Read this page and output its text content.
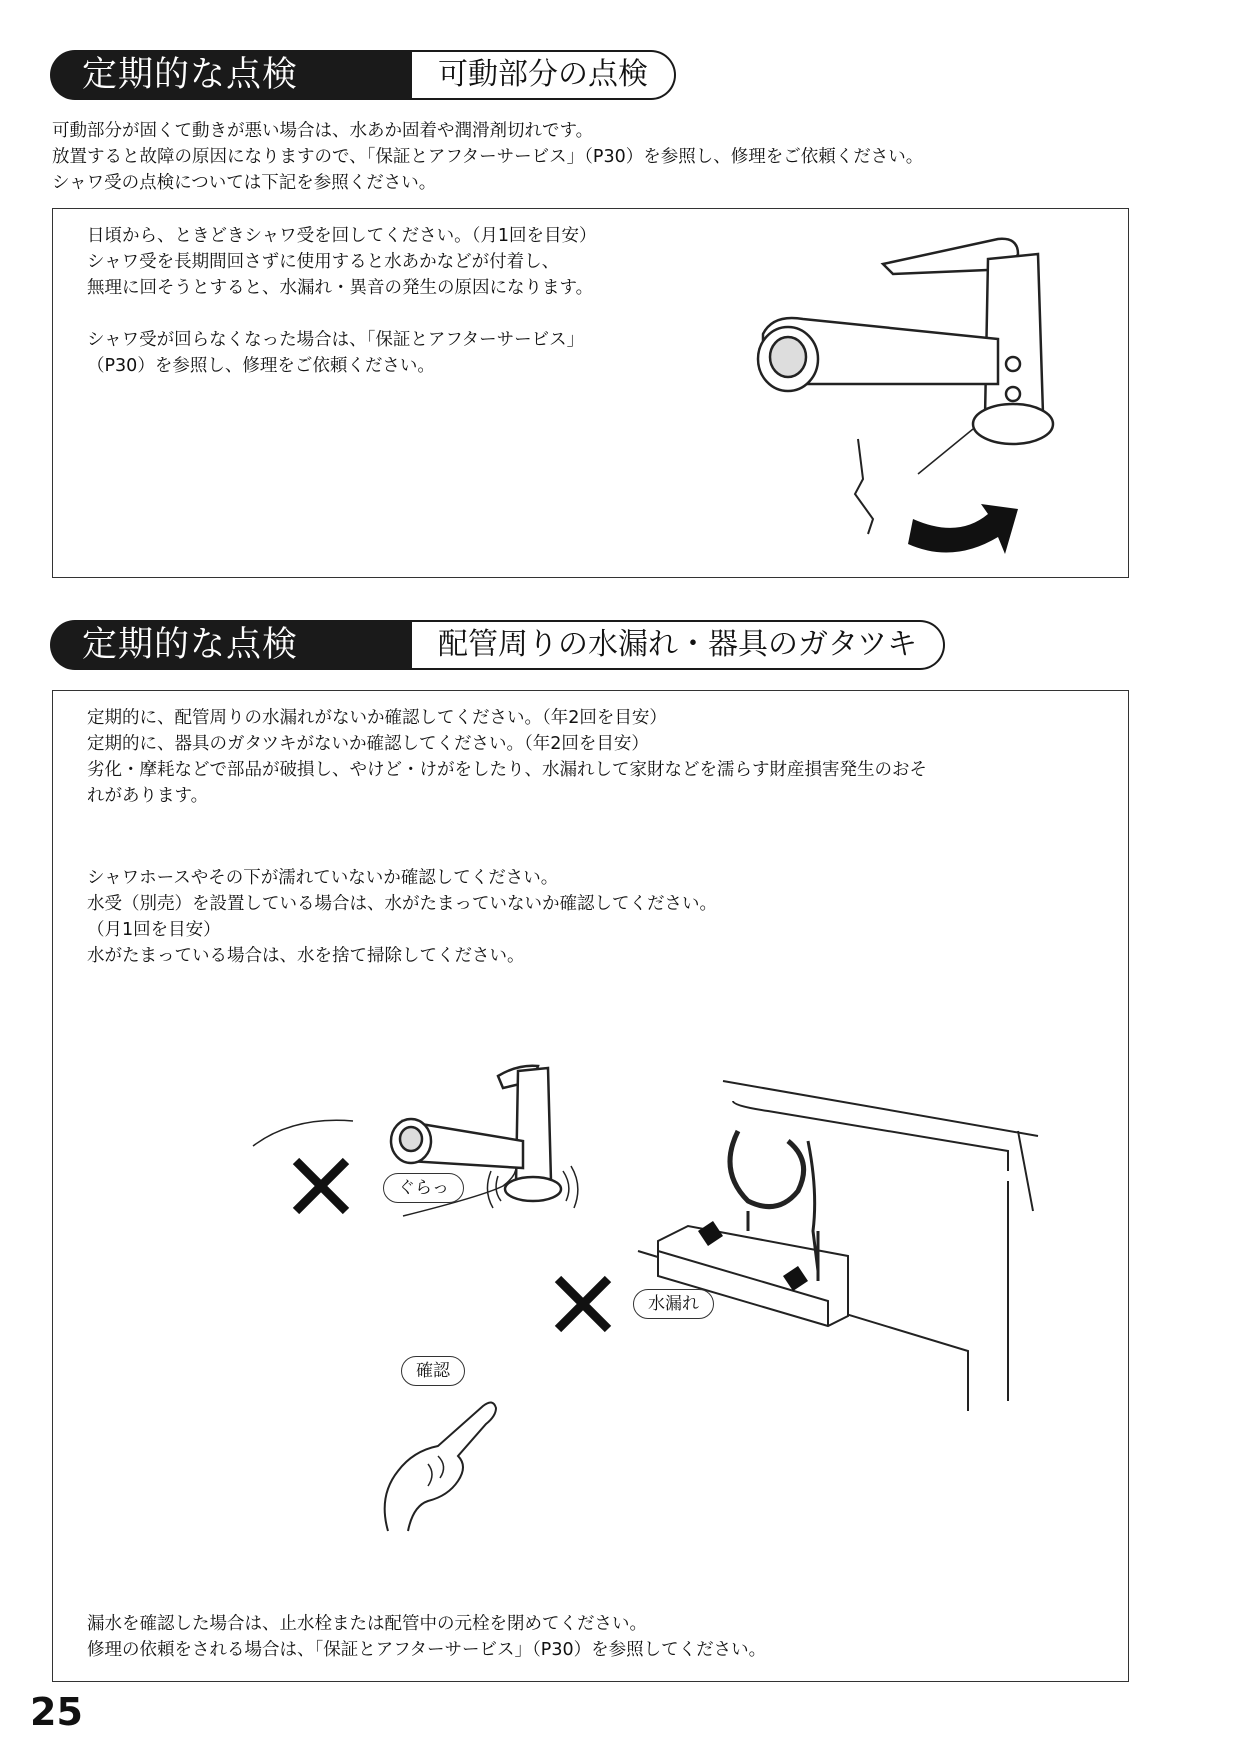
定期的な点検	可動部分の点検

可動部分が固くて動きが悪い場合は、水あか固着や潤滑剤切れです。

放置すると故障の原因になりますので、「保証とアフターサービス」（P30）を参照し、修理をご依頼ください。

シャワ受の点検については下記を参照ください。

日頃から、ときどきシャワ受を回してください。（月1回を目安）

シャワ受を長期間回さずに使用すると水あかなどが付着し、

無理に回そうとすると、水漏れ・異音の発生の原因になります。

シャワ受が回らなくなった場合は、「保証とアフターサービス」

（P30）を参照し、修理をご依頼ください。

定期的な点検	配管周りの水漏れ・器具のガタツキ

定期的に、配管周りの水漏れがないか確認してください。（年2回を目安）

定期的に、器具のガタツキがないか確認してください。（年2回を目安）

劣化・摩耗などで部品が破損し、やけど・けがをしたり、水漏れして家財などを濡らす財産損害発生のおそ

れがあります。

シャワホースやその下が濡れていないか確認してください。

水受（別売）を設置している場合は、水がたまっていないか確認してください。

（月1回を目安）

水がたまっている場合は、水を捨て掃除してください。

ぐらっ
確認
水漏れ

漏水を確認した場合は、止水栓または配管中の元栓を閉めてください。

修理の依頼をされる場合は、「保証とアフターサービス」（P30）を参照してください。

25
